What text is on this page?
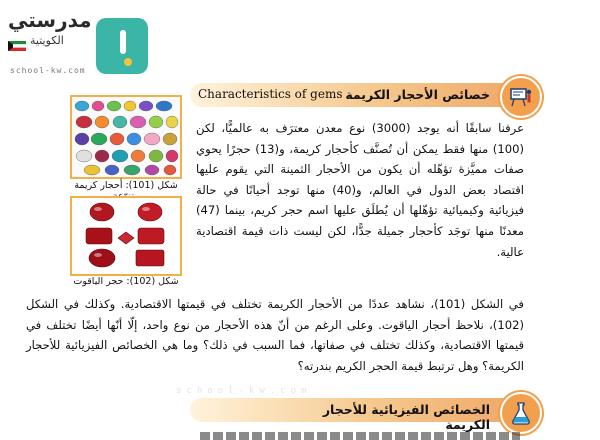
مدرستي
الكويتية
school-kw.com
خصائص الأحجار الكريمة
Characteristics of gems
شكل (101): أحجار كريمة
شكل (102): حجر الياقوت
عرفنا سابقًا أنه يوجد (3000) نوع معدن معترَف به عالميًّا، لكن (100) منها فقط يمكن أن تُصنَّف كأحجار كريمة، و(13) حجرًا يحوي صفات مميَّزة تؤهّله أن يكون من الأحجار الثمينة التي يقوم عليها اقتصاد بعض الدول في العالم، و(40) منها توجد أحيانًا في حالة فيزيائية وكيميائية تؤهّلها أن يُطلَق عليها اسم حجر كريم، بينما (47) معدنًا منها توجَد كأحجار جميلة جدًّا، لكن ليست ذات قيمة اقتصادية عالية.
في الشكل (101)، نشاهد عددًا من الأحجار الكريمة تختلف في قيمتها الاقتصادية. وكذلك في الشكل (102)، نلاحظ أحجار الياقوت. وعلى الرغم من أنّ هذه الأحجار من نوع واحد، إلّا أنّها أيضًا تختلف في قيمتها الاقتصادية، وكذلك تختلف في صفاتها، فما السبب في ذلك؟ وما هي الخصائص الفيزيائية للأحجار الكريمة؟ وهل ترتبط قيمة الحجر الكريم بندرته؟
school-kw.com
الخصائص الفيزيائية للأحجار الكريمة
